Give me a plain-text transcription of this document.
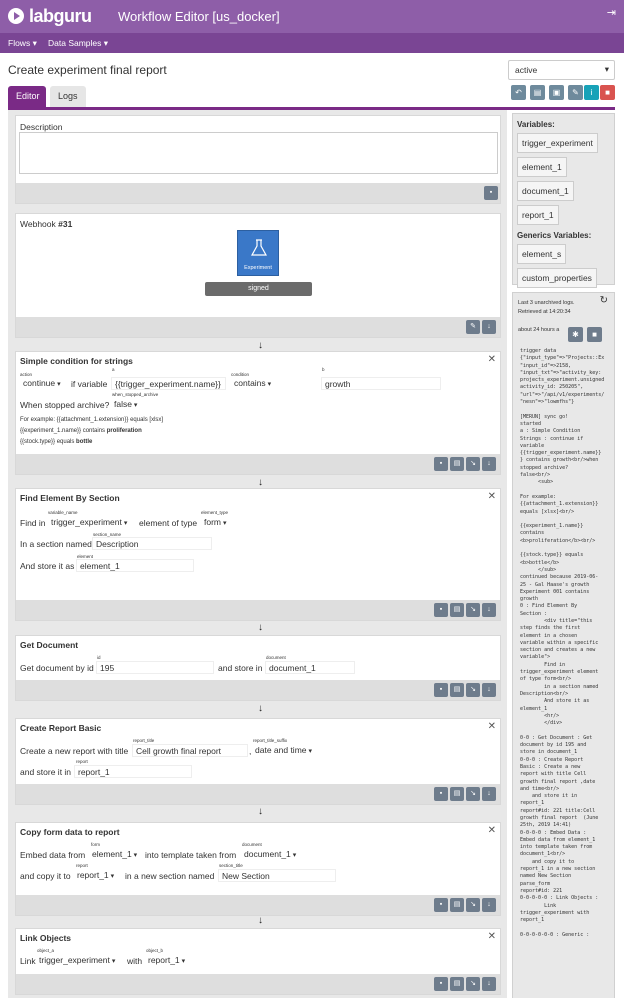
labguru Workflow Editor [us_docker]	⇥
Flows ▾ Data Samples ▾
Create experiment final report	active ▾
Editor	Logs	↶	▤	▣	✎	i	■
Description
▪
Webhook #31
Experiment
signed
✎	↓
↓
Simple condition for strings	✕
action
a
condition
b
continue ▾	if variable {{trigger_experiment.name}}	contains ▾	growth
when_stopped_archive
When stopped archive? false ▾
For example: {{attachment_1.extension}} equals [xlsx]
{{experiment_1.name}} contains proliferation
{{stock.type}} equals bottle
▪	▤	↘	↓
↓
Find Element By Section	✕
variable_name	element_type
Find in trigger_experiment ▾	element of type form ▾
section_name
In a section named Description
element
And store it as element_1
▪	▤	↘	↓
↓
Get Document
id	document
Get document by id 195	and store in document_1
▪	▤	↘	↓
↓
Create Report Basic	✕
report_title	report_title_suffix
Create a new report with title Cell growth final report	, date and time ▾
report
and store it in report_1
▪	▤	↘	↓
↓
Copy form data to report	✕
form	document
Embed data from element_1 ▾	into template taken from document_1 ▾
report	section_title
and copy it to report_1 ▾	in a new section named New Section
▪	▤	↘	↓
↓
Link Objects	✕
object_a	object_b
Link trigger_experiment ▾	with report_1 ▾
▪	▤	↘	↓
Variables:
trigger_experiment
element_1
document_1
report_1
Generics Variables:
element_s
custom_properties
Last 3 unarchived logs.
Retrieved at 14:20:34
↻
about 24 hours a	✱	■
trigger data
{"input_type"=>"Projects::Ex
"input_id"=>2158,
"input_txt"=>"activity_key:
projects_experiment.unsigned
activity_id: 250205",
"url"=>"/api/v1/experiments/
"nesn"=>"lowmfhs"}

[MERUN] sync go!
started
a : Simple Condition
Strings : continue if
variable
{{trigger_experiment.name}}
} contains growth<br/>when
stopped archive?
false<br/>
<sub>

For example:
{{attachment_1.extension}}
equals [xlsx]<br/>

{{experiment_1.name}}
contains
<b>proliferation</b><br/>

{{stock.type}} equals
<b>bottle</b>
</sub>
continued because 2019-06-
25 - Gal Haase's growth
Experiment 001 contains
growth
0 : Find Element By
Section :
<div title="this
step finds the first
element in a chosen
variable within a specific
section and creates a new
variable">
Find in
trigger_experiment element
of type form<br/>
in a section named
Description<br/>
And store it as
element_1
<hr/>
</div>

0-0 : Get Document : Get
document by id 195 and
store in document_1
0-0-0 : Create Report
Basic : Create a new
report with title Cell
growth final report ,date
and time<br/>
and store it in
report_1
report#id: 221 title:Cell
growth final report  (June
25th, 2019 14:41)
0-0-0-0 : Embed Data :
Embed data from element_1
into template taken from
document_1<br/>
and copy it to
report_1 in a new section
named New Section
parse_form
report#id: 221
0-0-0-0-0 : Link Objects :
Link
trigger_experiment with
report_1

0-0-0-0-0-0 : Generic :
